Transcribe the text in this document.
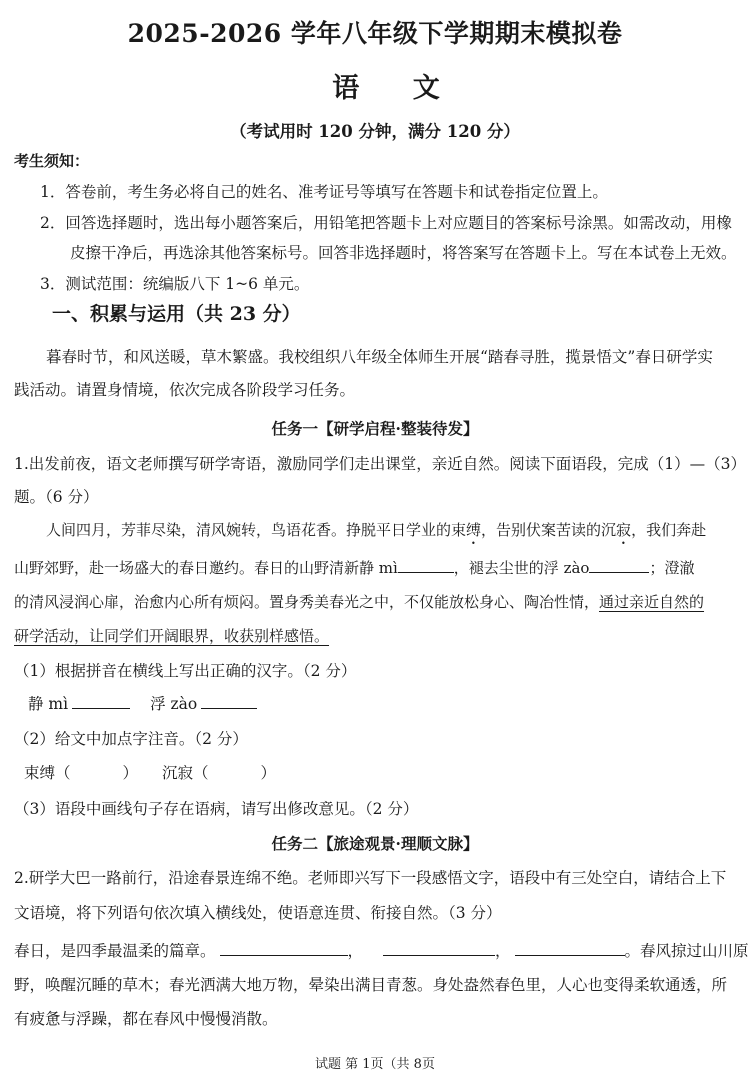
2025-2026 学年八年级下学期期末模拟卷
语 文
（考试用时 120 分钟，满分 120 分）
考生须知：
1．答卷前，考生务必将自己的姓名、准考证号等填写在答题卡和试卷指定位置上。
2．回答选择题时，选出每小题答案后，用铅笔把答题卡上对应题目的答案标号涂黑。如需改动，用橡
皮擦干净后，再选涂其他答案标号。回答非选择题时，将答案写在答题卡上。写在本试卷上无效。
3．测试范围：统编版八下 1~6 单元。
一、积累与运用（共 23 分）
暮春时节，和风送暖，草木繁盛。我校组织八年级全体师生开展“踏春寻胜，揽景悟文”春日研学实
践活动。请置身情境，依次完成各阶段学习任务。
任务一【研学启程·整装待发】
1.出发前夜，语文老师撰写研学寄语，激励同学们走出课堂，亲近自然。阅读下面语段，完成（1）—（3）
题。（6 分）
人间四月，芳菲尽染，清风婉转，鸟语花香。挣脱平日学业的束缚，告别伏案苦读的沉寂，我们奔赴
山野郊野，赴一场盛大的春日邀约。春日的山野清新静 mì	，褪去尘世的浮 zào	；澄澈
的清风浸润心扉，治愈内心所有烦闷。置身秀美春光之中，不仅能放松身心、陶冶性情，通过亲近自然的
研学活动，让同学们开阔眼界，收获别样感悟。
（1）根据拼音在横线上写出正确的汉字。（2 分）
静 mì	浮 zào
（2）给文中加点字注音。（2 分）
束缚（	） 沉寂（	）
（3）语段中画线句子存在语病，请写出修改意见。（2 分）
任务二【旅途观景·理顺文脉】
2.研学大巴一路前行，沿途春景连绵不绝。老师即兴写下一段感悟文字，语段中有三处空白，请结合上下
文语境，将下列语句依次填入横线处，使语意连贯、衔接自然。（3 分）
春日，是四季最温柔的篇章。	，	，	。春风掠过山川原
野，唤醒沉睡的草木；春光洒满大地万物，晕染出满目青葱。身处盎然春色里，人心也变得柔软通透，所
有疲惫与浮躁，都在春风中慢慢消散。
试题 第 1页（共 8页
